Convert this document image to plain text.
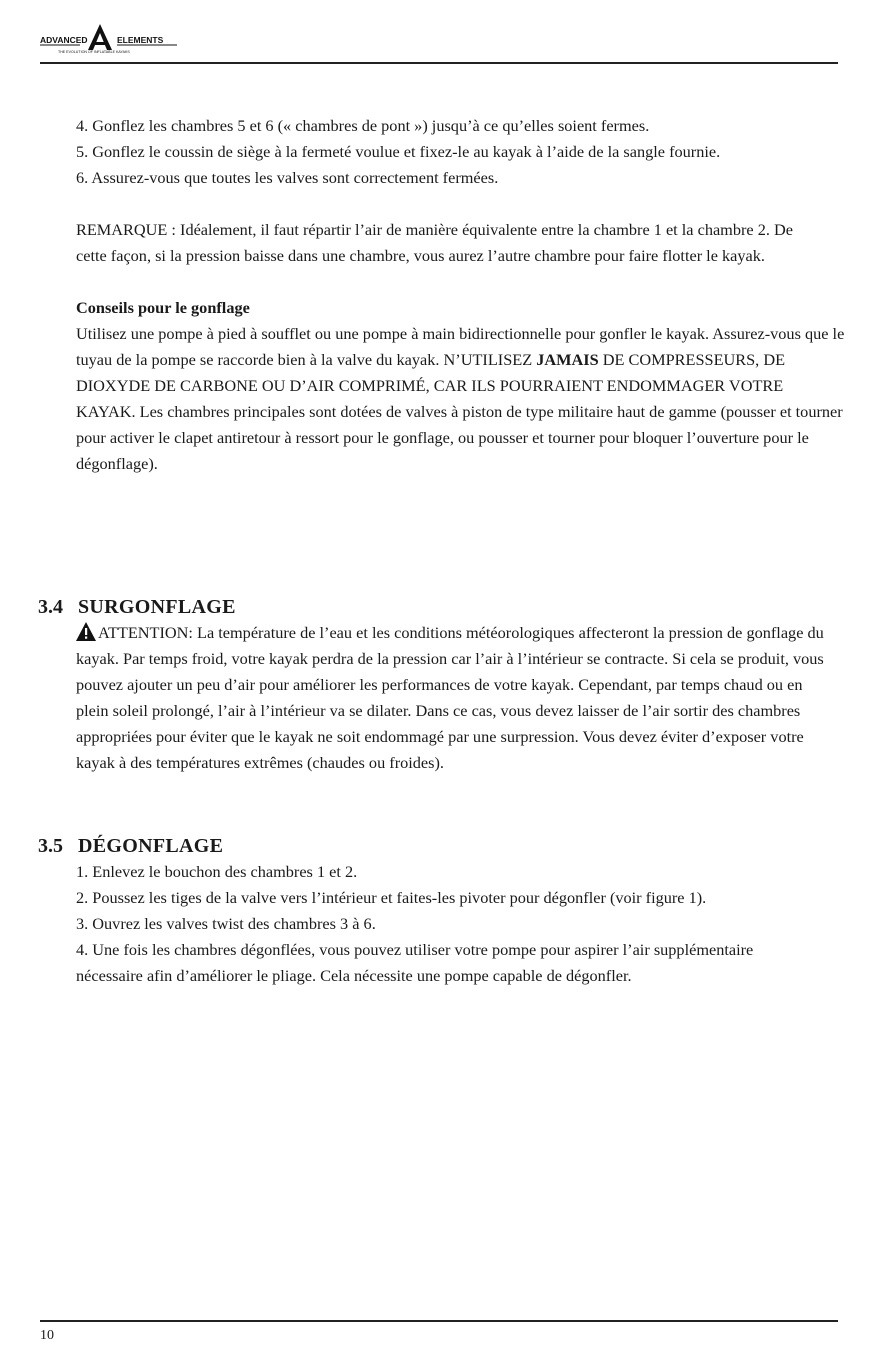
ADVANCED	ELEMENTS
THE EVOLUTION OF INFLATABLE KAYAKS

4. Gonflez les chambres 5 et 6 (« chambres de pont ») jusqu’à ce qu’elles soient fermes.

5. Gonflez le coussin de siège à la fermeté voulue et fixez-le au kayak à l’aide de la sangle fournie.

6. Assurez-vous que toutes les valves sont correctement fermées.

REMARQUE : Idéalement, il faut répartir l’air de manière équivalente entre la chambre 1 et la chambre 2. De cette façon, si la pression baisse dans une chambre, vous aurez l’autre chambre pour faire flotter le kayak.

Conseils pour le gonflage

Utilisez une pompe à pied à soufflet ou une pompe à main bidirectionnelle pour gonfler le kayak. Assurez-vous que le tuyau de la pompe se raccorde bien à la valve du kayak. N’UTILISEZ JAMAIS DE COMPRESSEURS, DE DIOXYDE DE CARBONE OU D’AIR COMPRIMÉ, CAR ILS POURRAIENT ENDOMMAGER VOTRE KAYAK. Les chambres principales sont dotées de valves à piston de type militaire haut de gamme (pousser et tourner pour activer le clapet antiretour à ressort pour le gonflage, ou pousser et tourner pour bloquer l’ouverture pour le dégonflage).

3.4 SURGONFLAGE

ATTENTION: La température de l’eau et les conditions météorologiques affecteront la pression de gonflage du kayak. Par temps froid, votre kayak perdra de la pression car l’air à l’intérieur se contracte. Si cela se produit, vous pouvez ajouter un peu d’air pour améliorer les performances de votre kayak. Cependant, par temps chaud ou en plein soleil prolongé, l’air à l’intérieur va se dilater. Dans ce cas, vous devez laisser de l’air sortir des chambres appropriées pour éviter que le kayak ne soit endommagé par une surpression. Vous devez éviter d’exposer votre kayak à des températures extrêmes (chaudes ou froides).

3.5 DÉGONFLAGE

1. Enlevez le bouchon des chambres 1 et 2.

2. Poussez les tiges de la valve vers l’intérieur et faites-les pivoter pour dégonfler (voir figure 1).

3. Ouvrez les valves twist des chambres 3 à 6.

4. Une fois les chambres dégonflées, vous pouvez utiliser votre pompe pour aspirer l’air supplémentaire nécessaire afin d’améliorer le pliage. Cela nécessite une pompe capable de dégonfler.

10
